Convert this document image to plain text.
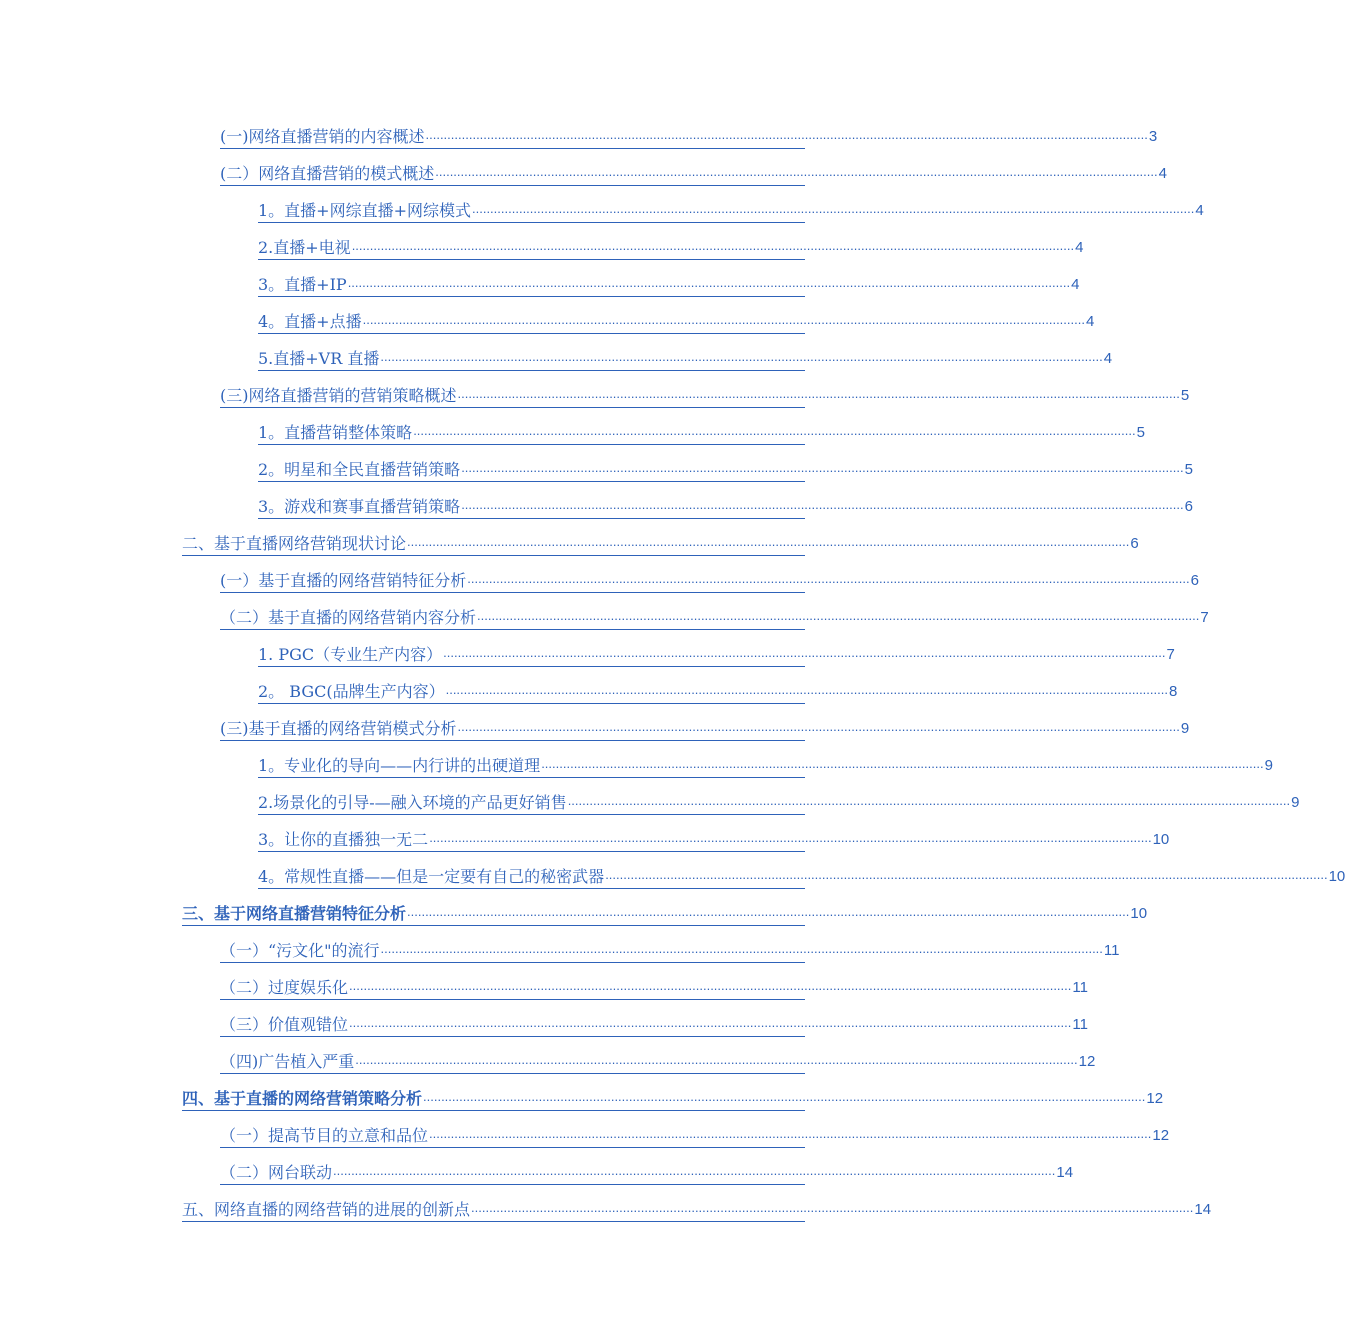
(一)网络直播营销的内容概述 ........................................................................................................................................................................................................ 3
(二）网络直播营销的模式概述 ........................................................................................................................................................................................................ 4
1。直播+网综直播+网综模式 ........................................................................................................................................................................................................ 4
2.直播+电视 ........................................................................................................................................................................................................ 4
3。直播+IP ........................................................................................................................................................................................................ 4
4。直播+点播 ........................................................................................................................................................................................................ 4
5.直播+VR 直播 ........................................................................................................................................................................................................ 4
(三)网络直播营销的营销策略概述 ........................................................................................................................................................................................................ 5
1。直播营销整体策略 ........................................................................................................................................................................................................ 5
2。明星和全民直播营销策略 ........................................................................................................................................................................................................ 5
3。游戏和赛事直播营销策略 ........................................................................................................................................................................................................ 6
二、基于直播网络营销现状讨论 ........................................................................................................................................................................................................ 6
(一）基于直播的网络营销特征分析 ........................................................................................................................................................................................................ 6
（二）基于直播的网络营销内容分析 ........................................................................................................................................................................................................ 7
1. PGC（专业生产内容） ........................................................................................................................................................................................................ 7
2。 BGC(品牌生产内容） ........................................................................................................................................................................................................ 8
(三)基于直播的网络营销模式分析 ........................................................................................................................................................................................................ 9
1。专业化的导向——内行讲的出硬道理 ........................................................................................................................................................................................................ 9
2.场景化的引导-—融入环境的产品更好销售 ........................................................................................................................................................................................................ 9
3。让你的直播独一无二 ........................................................................................................................................................................................................ 10
4。常规性直播——但是一定要有自己的秘密武器 ........................................................................................................................................................................................................ 10
三、基于网络直播营销特征分析 ........................................................................................................................................................................................................ 10
（一）“污文化"的流行 ........................................................................................................................................................................................................ 11
（二）过度娱乐化 ........................................................................................................................................................................................................ 11
（三）价值观错位 ........................................................................................................................................................................................................ 11
（四)广告植入严重 ........................................................................................................................................................................................................ 12
四、基于直播的网络营销策略分析 ........................................................................................................................................................................................................ 12
（一）提高节目的立意和品位 ........................................................................................................................................................................................................ 12
（二）网台联动 ........................................................................................................................................................................................................ 14
五、网络直播的网络营销的进展的创新点 ........................................................................................................................................................................................................ 14
